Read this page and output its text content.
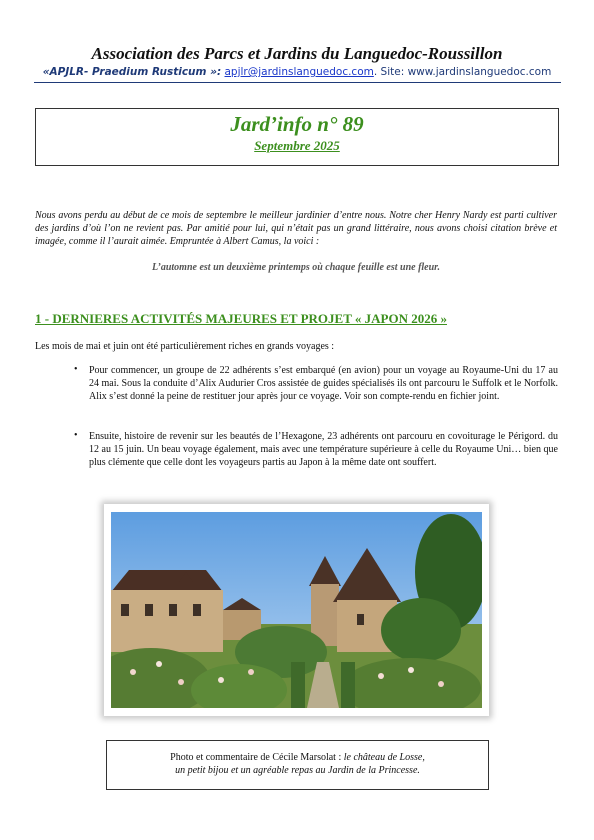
Association des Parcs et Jardins du Languedoc-Roussillon
«APJLR- Praedium Rusticum »: apjlr@jardinslanguedoc.com. Site: www.jardinslanguedoc.com
Jard’info n° 89
Septembre 2025
Nous avons perdu au début de ce mois de septembre le meilleur jardinier d’entre nous. Notre cher Henry Nardy est parti cultiver des jardins d’où l’on ne revient pas. Par amitié pour lui, qui n’était pas un grand littéraire, nous avons choisi citation brève et imagée, comme il l’aurait aimée. Empruntée à Albert Camus, la voici :
L’automne est un deuxième printemps où chaque feuille est une fleur.
1 - DERNIERES ACTIVITÉS MAJEURES ET PROJET « JAPON 2026 »
Les mois de mai et juin ont été particulièrement riches en grands voyages :
• Pour commencer, un groupe de 22 adhérents s’est embarqué (en avion) pour un voyage au Royaume-Uni du 17 au 24 mai. Sous la conduite d’Alix Audurier Cros assistée de guides spécialisés ils ont parcouru le Suffolk et le Norfolk. Alix s’est donné la peine de restituer jour après jour ce voyage. Voir son compte-rendu en fichier joint.
• Ensuite, histoire de revenir sur les beautés de l’Hexagone, 23 adhérents ont parcouru en covoiturage le Périgord. du 12 au 15 juin. Un beau voyage également, mais avec une température supérieure à celle du Royaume Uni… bien que plus clémente que celle dont les voyageurs partis au Japon à la même date ont souffert.
Photo et commentaire de Cécile Marsolat : le château de Losse,
un petit bijou et un agréable repas au Jardin de la Princesse.
